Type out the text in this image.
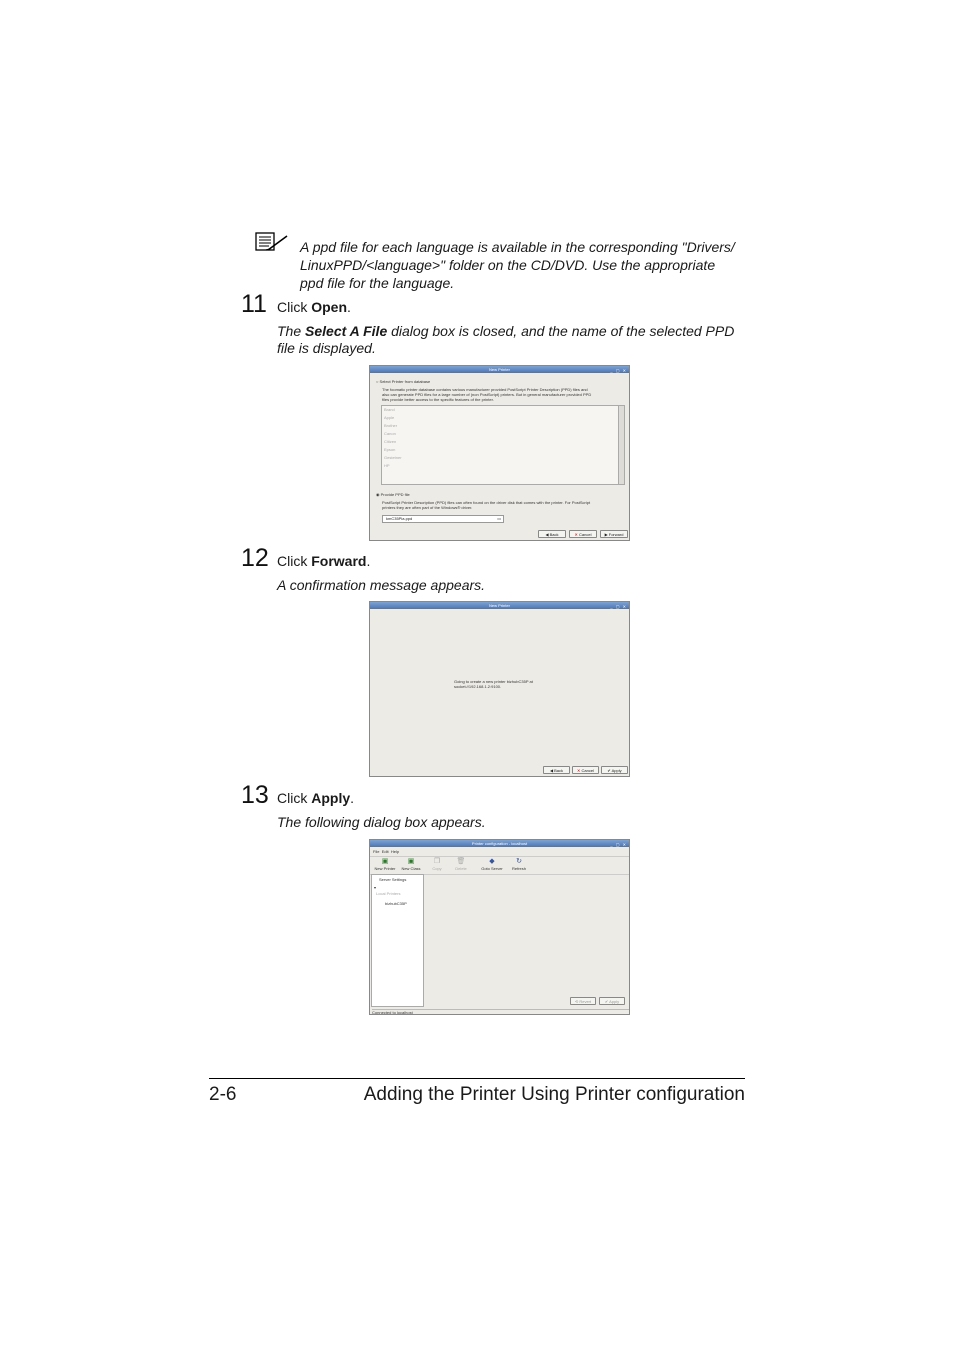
A ppd file for each language is available in the corresponding "Drivers/
LinuxPPD/<language>" folder on the CD/DVD. Use the appropriate
ppd file for the language.
11 Click Open.
The Select A File dialog box is closed, and the name of the selected PPD
file is displayed.
New Printer	_ ▢ ✕
○ Select Printer from database
The foomatic printer database contains various manufacturer provided PostScript Printer Description (PPD) files and
also can generate PPD files for a large number of (non PostScript) printers. But in general manufacturer provided PPD
files provide better access to the specific features of the printer.
Brand
Apple
Brother
Canon
Citizen
Epson
Gestetner
HP
◉ Provide PPD file
PostScript Printer Description (PPD) files can often found on the driver disk that comes with the printer. For PostScript
printers they are often part of the Windows® driver.
kmC35Pla.ppd	▭
◀ Back	✕ Cancel	▶ Forward
12 Click Forward.
A confirmation message appears.
New Printer	_ ▢ ✕
Going to create a new printer bizhubC35P at
socket://192.168.1.2:9100.
◀ Back	✕ Cancel	✔ Apply
13 Click Apply.
The following dialog box appears.
Printer configuration - localhost	_ ▢ ✕
File Edit Help
▣
New Printer
▣
New Class
❐
Copy
🗑
Delete
◆
Goto Server
↻
Refresh
Server Settings
▾
Local Printers
bizhubC35P
⟲ Revert	✔ Apply
Connected to localhost
2-6	Adding the Printer Using Printer configuration
